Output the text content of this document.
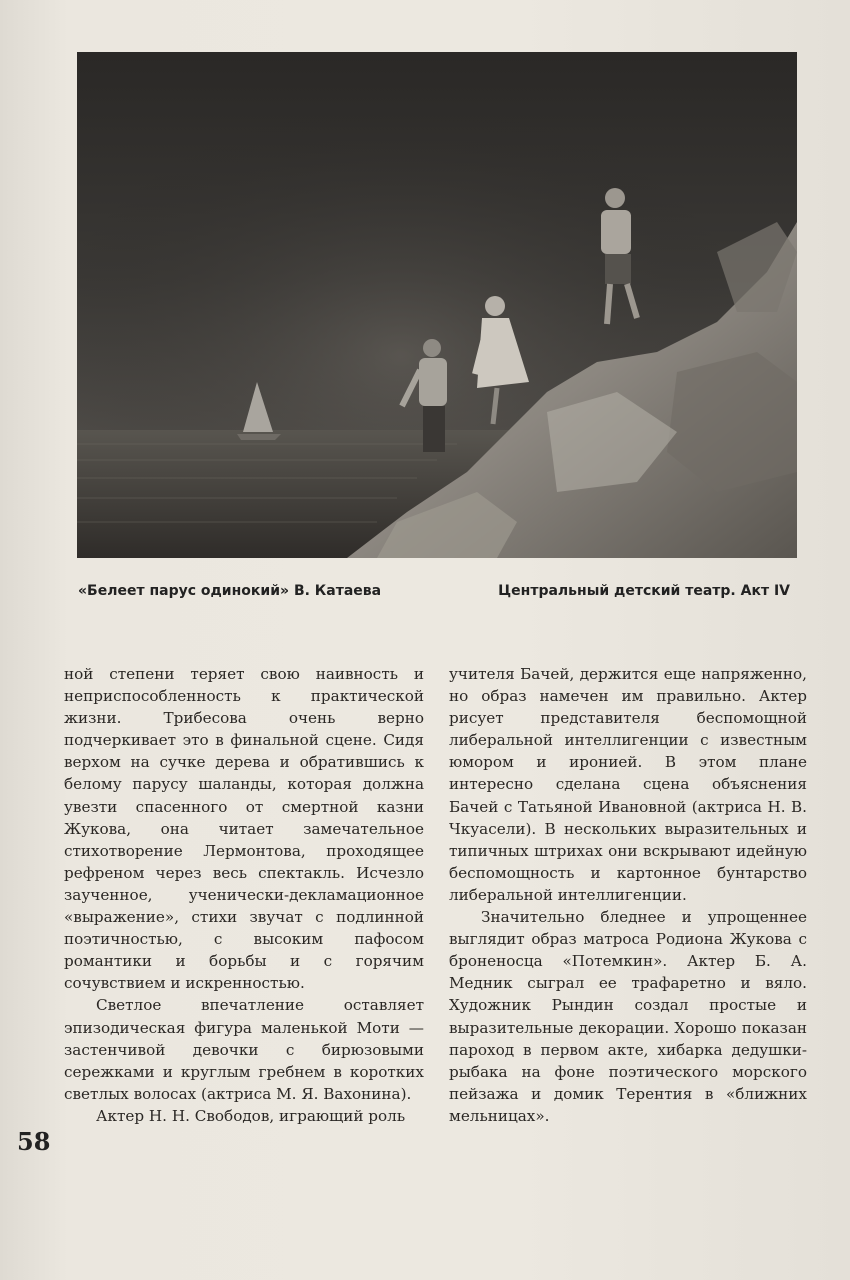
«Белеет парус одинокий» В. Катаева	Центральный детский театр. Акт IV

ной степени теряет свою наивность и неприспособленность к практической жизни. Трибесова очень верно подчеркивает это в финальной сцене. Сидя верхом на сучке дерева и обратившись к белому парусу шаланды, которая должна увезти спасенного от смертной казни Жукова, она читает замечательное стихотворение Лермонтова, проходящее рефреном через весь спектакль. Исчезло заученное, ученически-декламационное «выражение», стихи звучат с подлинной поэтичностью, с высоким пафосом романтики и борьбы и с горячим сочувствием и искренностью.

Светлое впечатление оставляет эпизодическая фигура маленькой Моти — застенчивой девочки с бирюзовыми сережками и круглым гребнем в коротких светлых волосах (актриса М. Я. Вахонина).

Актер Н. Н. Свободов, играющий роль

учителя Бачей, держится еще напряженно, но образ намечен им правильно. Актер рисует представителя беспомощной либеральной интеллигенции с известным юмором и иронией. В этом плане интересно сделана сцена объяснения Бачей с Татьяной Ивановной (актриса Н. В. Чкуасели). В нескольких выразительных и типичных штрихах они вскрывают идейную беспомощность и картонное бунтарство либеральной интеллигенции.

Значительно бледнее и упрощеннее выглядит образ матроса Родиона Жукова с броненосца «Потемкин». Актер Б. А. Медник сыграл ее трафаретно и вяло. Художник Рындин создал простые и выразительные декорации. Хорошо показан пароход в первом акте, хибарка дедушки-рыбака на фоне поэтического морского пейзажа и домик Терентия в «ближних мельницах».

58
